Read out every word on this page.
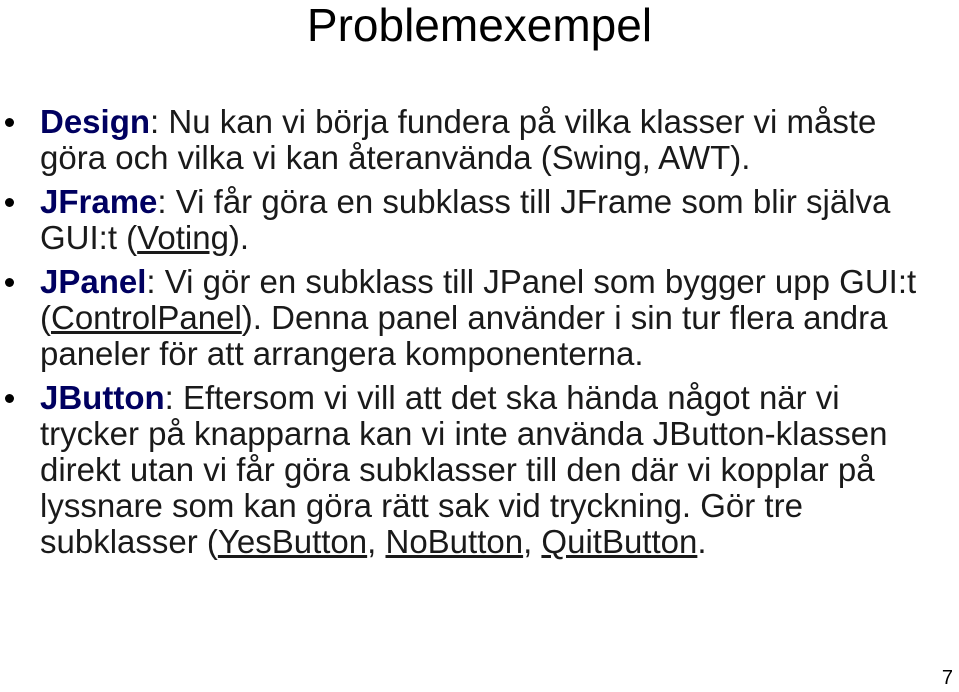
Problemexempel
Design: Nu kan vi börja fundera på vilka klasser vi måste göra och vilka vi kan återanvända (Swing, AWT).
JFrame: Vi får göra en subklass till JFrame som blir själva GUI:t (Voting).
JPanel: Vi gör en subklass till JPanel som bygger upp GUI:t (ControlPanel). Denna panel använder i sin tur flera andra paneler för att arrangera komponenterna.
JButton: Eftersom vi vill att det ska hända något när vi trycker på knapparna kan vi inte använda JButton-klassen direkt utan vi får göra subklasser till den där vi kopplar på lyssnare som kan göra rätt sak vid tryckning. Gör tre subklasser (YesButton, NoButton, QuitButton.
7
